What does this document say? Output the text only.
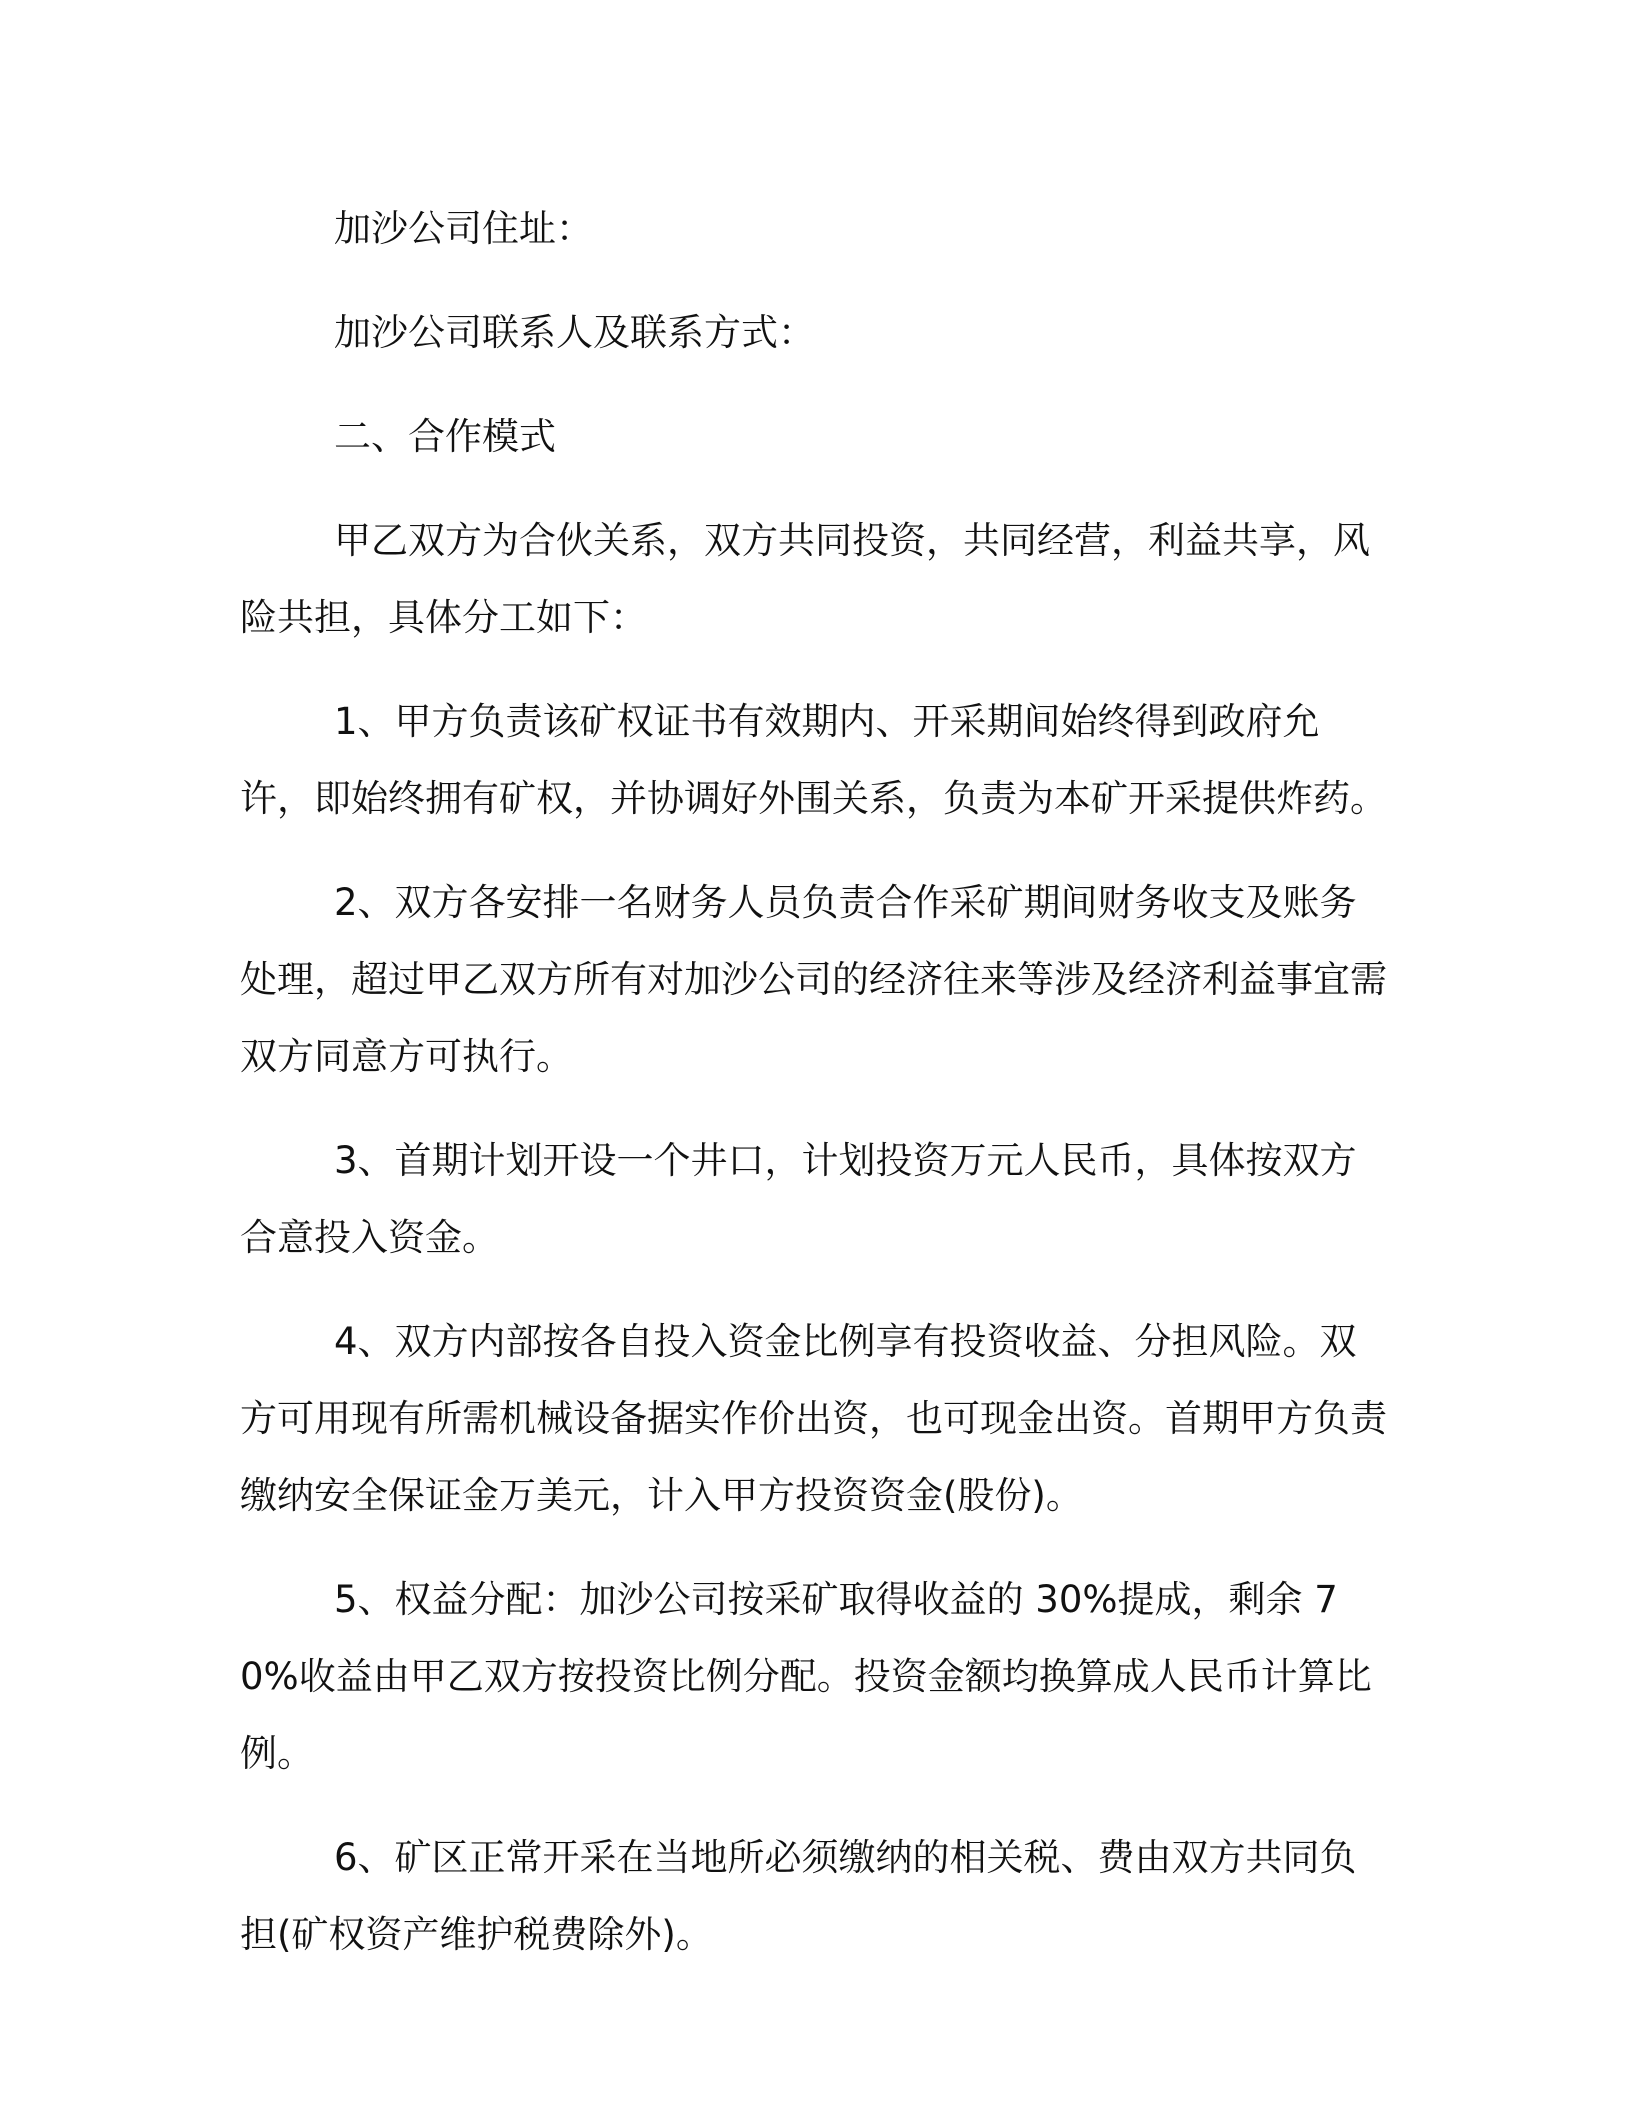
加沙公司住址：

加沙公司联系人及联系方式：

二、合作模式

甲乙双方为合伙关系，双方共同投资，共同经营，利益共享，风险共担，具体分工如下：

1、甲方负责该矿权证书有效期内、开采期间始终得到政府允许，即始终拥有矿权，并协调好外围关系，负责为本矿开采提供炸药。

2、双方各安排一名财务人员负责合作采矿期间财务收支及账务处理，超过甲乙双方所有对加沙公司的经济往来等涉及经济利益事宜需双方同意方可执行。

3、首期计划开设一个井口，计划投资万元人民币，具体按双方合意投入资金。

4、双方内部按各自投入资金比例享有投资收益、分担风险。双方可用现有所需机械设备据实作价出资，也可现金出资。首期甲方负责缴纳安全保证金万美元，计入甲方投资资金(股份)。

5、权益分配：加沙公司按采矿取得收益的 30%提成，剩余 70%收益由甲乙双方按投资比例分配。投资金额均换算成人民币计算比例。

6、矿区正常开采在当地所必须缴纳的相关税、费由双方共同负担(矿权资产维护税费除外)。
